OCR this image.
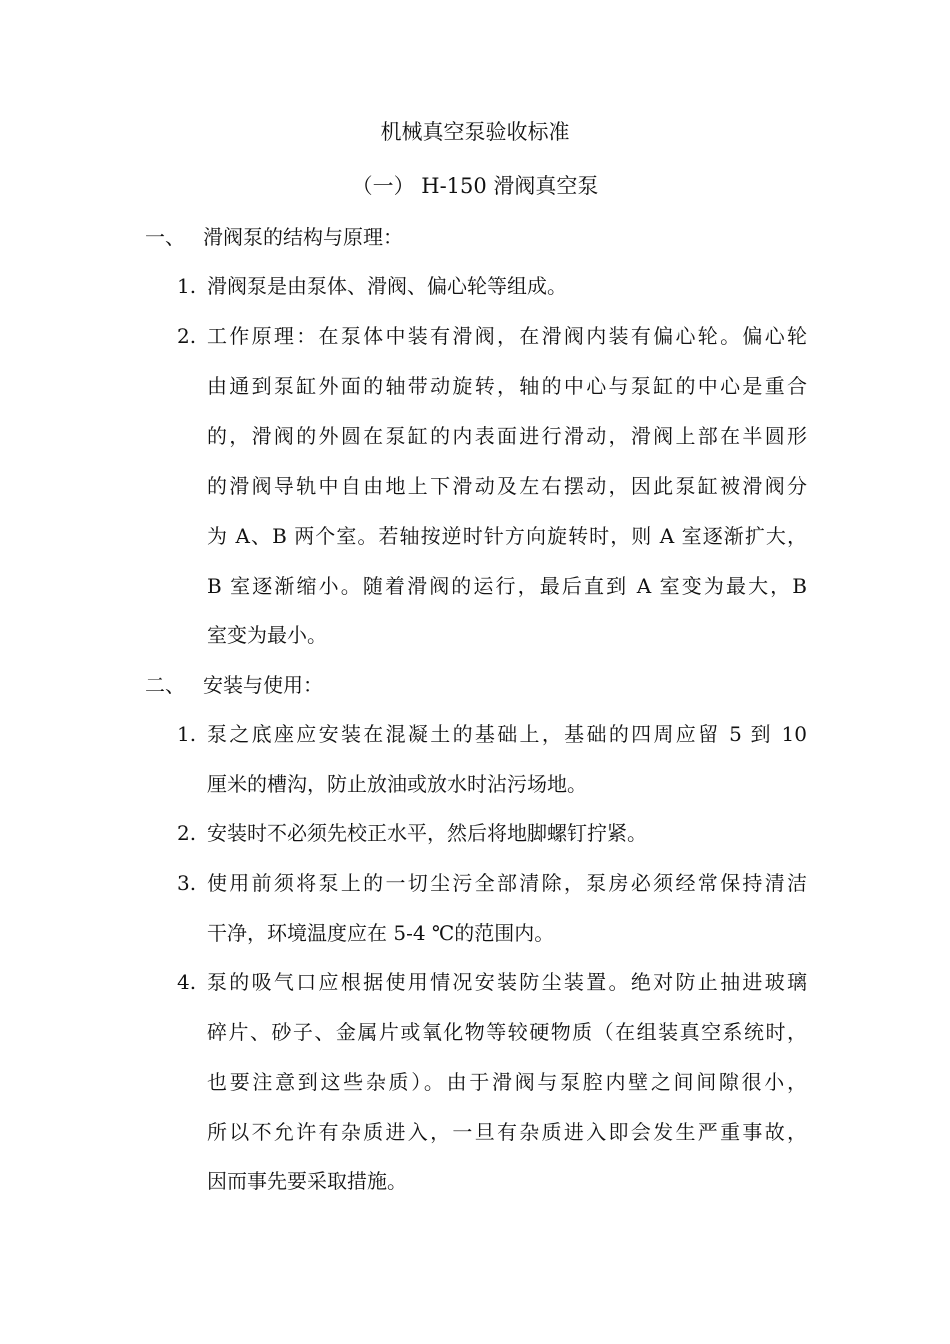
机械真空泵验收标准
（一） H-150 滑阀真空泵
一、 滑阀泵的结构与原理：
1. 滑阀泵是由泵体、滑阀、偏心轮等组成。
2. 工作原理：在泵体中装有滑阀，在滑阀内装有偏心轮。偏心轮
由通到泵缸外面的轴带动旋转，轴的中心与泵缸的中心是重合
的，滑阀的外圆在泵缸的内表面进行滑动，滑阀上部在半圆形
的滑阀导轨中自由地上下滑动及左右摆动，因此泵缸被滑阀分
为 A、B 两个室。若轴按逆时针方向旋转时，则 A 室逐渐扩大，
B 室逐渐缩小。随着滑阀的运行，最后直到 A 室变为最大，B
室变为最小。
二、 安装与使用：
1. 泵之底座应安装在混凝土的基础上，基础的四周应留 5 到 10
厘米的槽沟，防止放油或放水时沾污场地。
2. 安装时不必须先校正水平，然后将地脚螺钉拧紧。
3. 使用前须将泵上的一切尘污全部清除，泵房必须经常保持清洁
干净，环境温度应在 5-4 ℃的范围内。
4. 泵的吸气口应根据使用情况安装防尘装置。绝对防止抽进玻璃
碎片、砂子、金属片或氧化物等较硬物质（在组装真空系统时，
也要注意到这些杂质）。由于滑阀与泵腔内壁之间间隙很小，
所以不允许有杂质进入，一旦有杂质进入即会发生严重事故，
因而事先要采取措施。
